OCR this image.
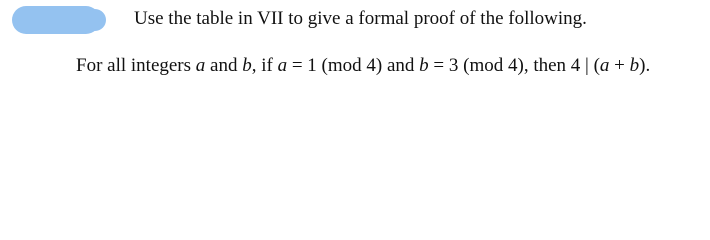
Use the table in VII to give a formal proof of the following.
For all integers a and b, if a = 1 (mod 4) and b = 3 (mod 4), then 4 | (a + b).
